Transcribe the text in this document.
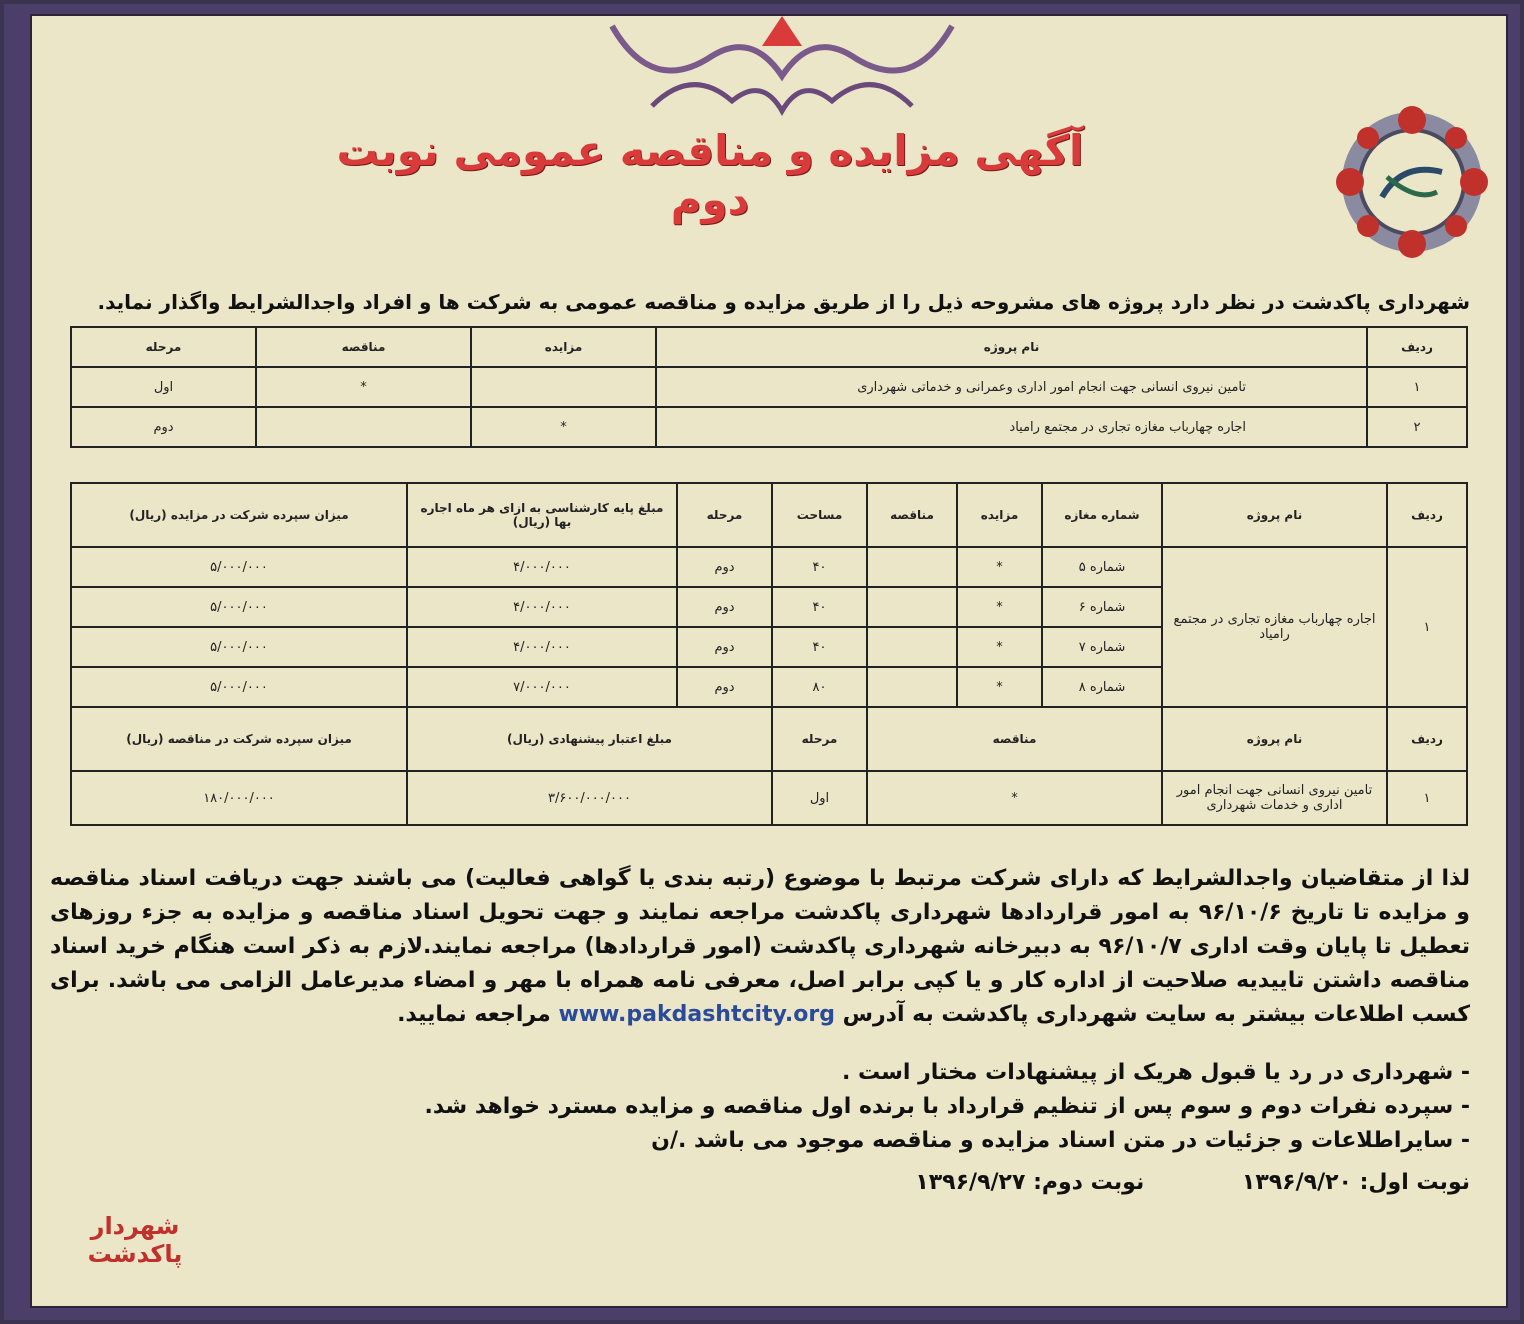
آگهی مزایده و مناقصه عمومی نوبت دوم
شهرداری پاکدشت در نظر دارد پروژه های مشروحه ذیل را از طریق مزایده و مناقصه عمومی به شرکت ها و افراد واجدالشرایط واگذار نماید.
ردیف	نام پروژه	مزایده	مناقصه	مرحله
۱	تامین نیروی انسانی جهت انجام امور اداری وعمرانی و خدماتی شهرداری		*	اول
۲	اجاره چهارباب مغازه تجاری در مجتمع رامیاد	*		دوم
ردیف	نام پروژه	شماره مغازه	مزایده	مناقصه	مساحت	مرحله	مبلغ پایه کارشناسی به ازای هر ماه اجاره بها (ریال)	میزان سپرده شرکت در مزایده (ریال)
۱	اجاره چهارباب مغازه تجاری در مجتمع رامیاد	شماره ۵	*		۴۰	دوم	۴/۰۰۰/۰۰۰	۵/۰۰۰/۰۰۰
		شماره ۶	*		۴۰	دوم	۴/۰۰۰/۰۰۰	۵/۰۰۰/۰۰۰
		شماره ۷	*		۴۰	دوم	۴/۰۰۰/۰۰۰	۵/۰۰۰/۰۰۰
		شماره ۸	*		۸۰	دوم	۷/۰۰۰/۰۰۰	۵/۰۰۰/۰۰۰
ردیف	نام پروژه	مناقصه			مرحله	مبلغ اعتبار پیشنهادی (ریال)		میزان سپرده شرکت در مناقصه (ریال)
۱	تامین نیروی انسانی جهت انجام امور اداری و خدمات شهرداری	*			اول	۳/۶۰۰/۰۰۰/۰۰۰		۱۸۰/۰۰۰/۰۰۰
لذا از متقاضیان واجدالشرایط که دارای شرکت مرتبط با موضوع (رتبه بندی یا گواهی فعالیت) می باشند جهت دریافت اسناد مناقصه و مزایده تا تاریخ ۹۶/۱۰/۶ به امور قراردادها شهرداری پاکدشت مراجعه نمایند و جهت تحویل اسناد مناقصه و مزایده به جزء روزهای تعطیل تا پایان وقت اداری ۹۶/۱۰/۷ به دبیرخانه شهرداری پاکدشت (امور قراردادها) مراجعه نمایند.لازم به ذکر است هنگام خرید اسناد مناقصه داشتن تاییدیه صلاحیت از اداره کار و یا کپی برابر اصل، معرفی نامه همراه با مهر و امضاء مدیرعامل الزامی می باشد. برای کسب اطلاعات بیشتر به سایت شهرداری پاکدشت به آدرس www.pakdashtcity.org مراجعه نمایید.
- شهرداری در رد یا قبول هریک از پیشنهادات مختار است .
- سپرده نفرات دوم و سوم پس از تنظیم قرارداد با برنده اول مناقصه و مزایده مسترد خواهد شد.
- سایراطلاعات و جزئیات در متن اسناد مزایده و مناقصه موجود می باشد ./ن
نوبت اول: ۱۳۹۶/۹/۲۰ نوبت دوم: ۱۳۹۶/۹/۲۷
شهردار پاکدشت
